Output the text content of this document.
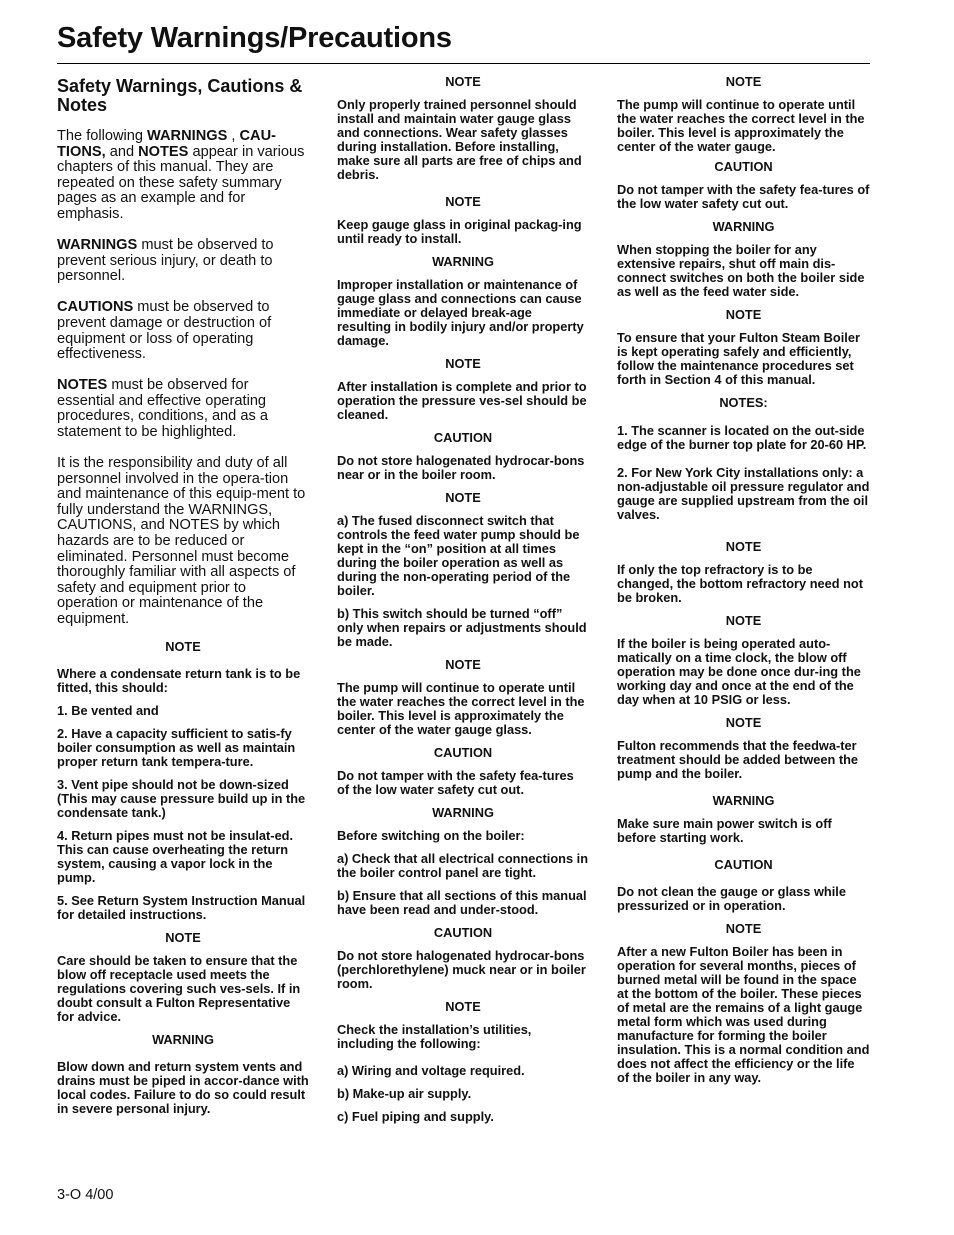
Safety Warnings/Precautions
Safety Warnings, Cautions & Notes

The following WARNINGS , CAU-TIONS, and NOTES appear in various chapters of this manual. They are repeated on these safety summary pages as an example and for emphasis.

WARNINGS must be observed to prevent serious injury, or death to personnel.

CAUTIONS must be observed to prevent damage or destruction of equipment or loss of operating effectiveness.

NOTES must be observed for essential and effective operating procedures, conditions, and as a statement to be highlighted.

It is the responsibility and duty of all personnel involved in the opera-tion and maintenance of this equip-ment to fully understand the WARNINGS, CAUTIONS, and NOTES by which hazards are to be reduced or eliminated. Personnel must become thoroughly familiar with all aspects of safety and equipment prior to operation or maintenance of the equipment.

NOTE
Where a condensate return tank is to be fitted, this should:
1. Be vented and
2. Have a capacity sufficient to satis-fy boiler consumption as well as maintain proper return tank tempera-ture.
3. Vent pipe should not be down-sized (This may cause pressure build up in the condensate tank.)
4. Return pipes must not be insulat-ed. This can cause overheating the return system, causing a vapor lock in the pump.
5. See Return System Instruction Manual for detailed instructions.
NOTE
Care should be taken to ensure that the blow off receptacle used meets the regulations covering such ves-sels. If in doubt consult a Fulton Representative for advice.
WARNING
Blow down and return system vents and drains must be piped in accor-dance with local codes. Failure to do so could result in severe personal injury.
NOTE
Only properly trained personnel should install and maintain water gauge glass and connections. Wear safety glasses during installation. Before installing, make sure all parts are free of chips and debris.
NOTE
Keep gauge glass in original packag-ing until ready to install.
WARNING
Improper installation or maintenance of gauge glass and connections can cause immediate or delayed break-age resulting in bodily injury and/or property damage.
NOTE
After installation is complete and prior to operation the pressure ves-sel should be cleaned.
CAUTION
Do not store halogenated hydrocar-bons near or in the boiler room.
NOTE
a) The fused disconnect switch that controls the feed water pump should be kept in the “on” position at all times during the boiler operation as well as during the non-operating period of the boiler.
b) This switch should be turned “off” only when repairs or adjustments should be made.
NOTE
The pump will continue to operate until the water reaches the correct level in the boiler. This level is approximately the center of the water gauge glass.
CAUTION
Do not tamper with the safety fea-tures of the low water safety cut out.
WARNING
Before switching on the boiler:
a) Check that all electrical connections in the boiler control panel are tight.
b) Ensure that all sections of this manual have been read and under-stood.
CAUTION
Do not store halogenated hydrocar-bons (perchlorethylene) muck near or in boiler room.
NOTE
Check the installation’s utilities, including the following:
a) Wiring and voltage required.
b) Make-up air supply.
c) Fuel piping and supply.
NOTE
The pump will continue to operate until the water reaches the correct level in the boiler. This level is approximately the center of the water gauge.
CAUTION
Do not tamper with the safety fea-tures of the low water safety cut out.
WARNING
When stopping the boiler for any extensive repairs, shut off main dis-connect switches on both the boiler side as well as the feed water side.
NOTE
To ensure that your Fulton Steam Boiler is kept operating safely and efficiently, follow the maintenance procedures set forth in Section 4 of this manual.
NOTES:
1. The scanner is located on the out-side edge of the burner top plate for 20-60 HP.
2. For New York City installations only: a non-adjustable oil pressure regulator and gauge are supplied upstream from the oil valves.
NOTE
If only the top refractory is to be changed, the bottom refractory need not be broken.
NOTE
If the boiler is being operated auto-matically on a time clock, the blow off operation may be done once dur-ing the working day and once at the end of the day when at 10 PSIG or less.
NOTE
Fulton recommends that the feedwa-ter treatment should be added between the pump and the boiler.
WARNING
Make sure main power switch is off before starting work.
CAUTION
Do not clean the gauge or glass while pressurized or in operation.
NOTE
After a new Fulton Boiler has been in operation for several months, pieces of burned metal will be found in the space at the bottom of the boiler. These pieces of metal are the remains of a light gauge metal form which was used during manufacture for forming the boiler insulation. This is a normal condition and does not affect the efficiency or the life of the boiler in any way.
3-O 4/00
